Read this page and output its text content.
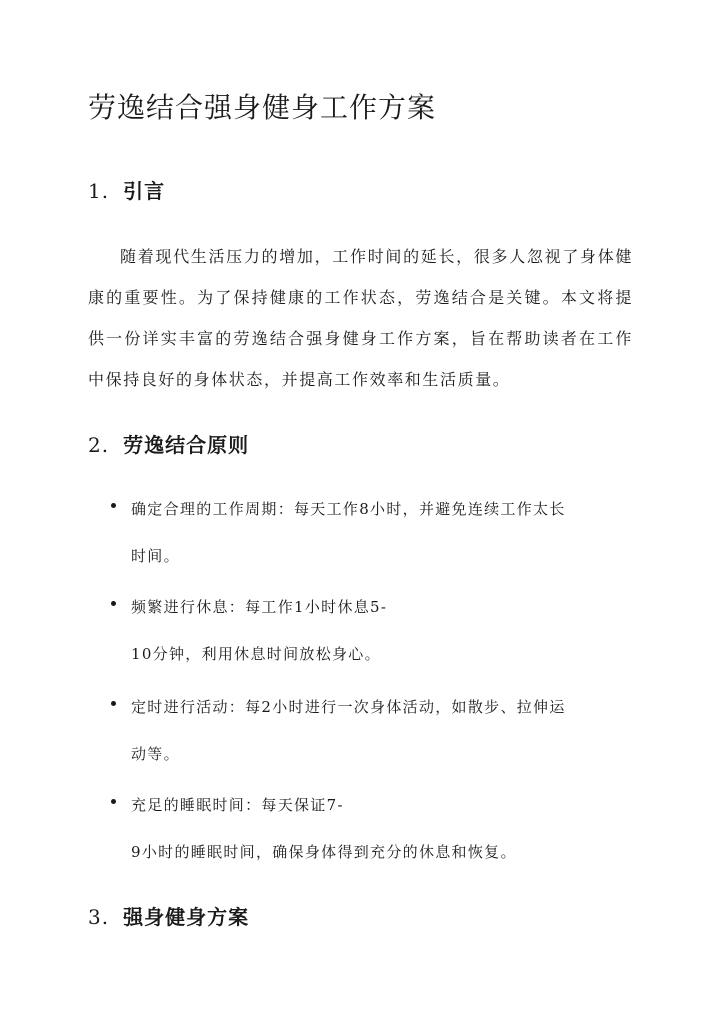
劳逸结合强身健身工作方案
1. 引言

随着现代生活压力的增加，工作时间的延长，很多人忽视了身体健康的重要性。为了保持健康的工作状态，劳逸结合是关键。本文将提供一份详实丰富的劳逸结合强身健身工作方案，旨在帮助读者在工作中保持良好的身体状态，并提高工作效率和生活质量。

2. 劳逸结合原则

确定合理的工作周期：每天工作8小时，并避免连续工作太长
时间。

频繁进行休息：每工作1小时休息5-
10分钟，利用休息时间放松身心。

定时进行活动：每2小时进行一次身体活动，如散步、拉伸运
动等。

充足的睡眠时间：每天保证7-
9小时的睡眠时间，确保身体得到充分的休息和恢复。

3. 强身健身方案
